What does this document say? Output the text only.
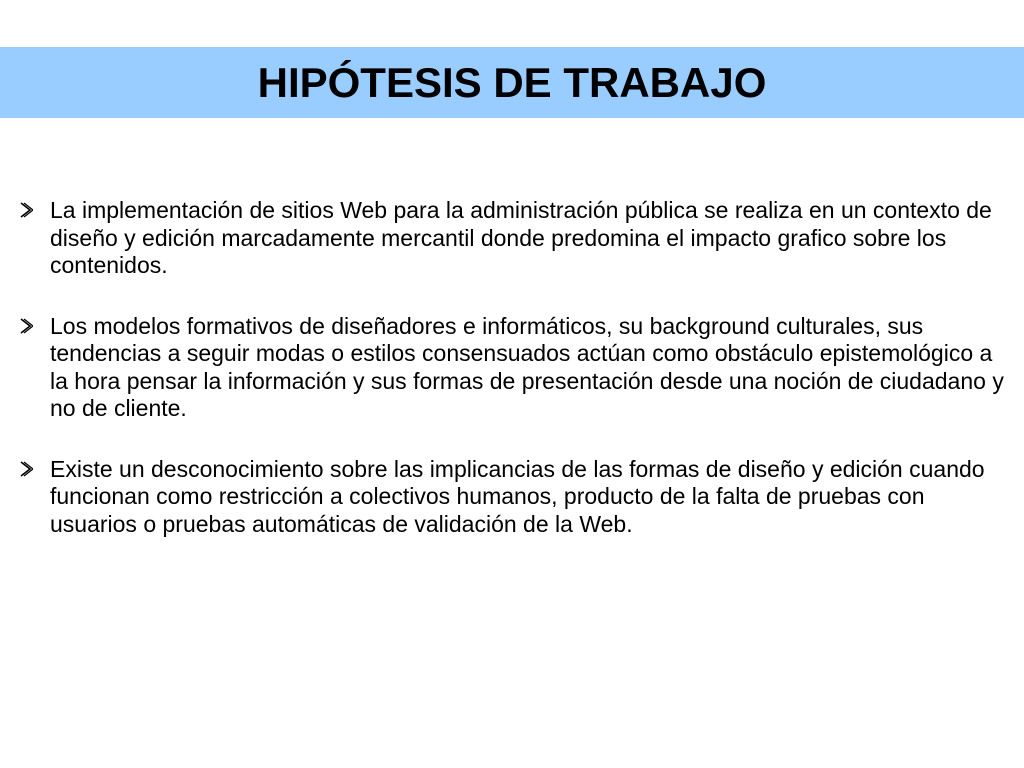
HIPÓTESIS DE TRABAJO
La implementación de sitios Web para la administración pública se realiza en un contexto de diseño y edición marcadamente mercantil donde predomina el impacto grafico sobre los contenidos.
Los modelos formativos de diseñadores e informáticos, su background culturales, sus tendencias a seguir modas o estilos consensuados actúan como obstáculo epistemológico a la hora pensar la información y sus formas de presentación desde una noción de ciudadano y no de cliente.
Existe un desconocimiento sobre las implicancias de las formas de diseño y edición cuando funcionan como restricción a colectivos humanos, producto de la falta de pruebas con usuarios o pruebas automáticas de validación de la Web.
